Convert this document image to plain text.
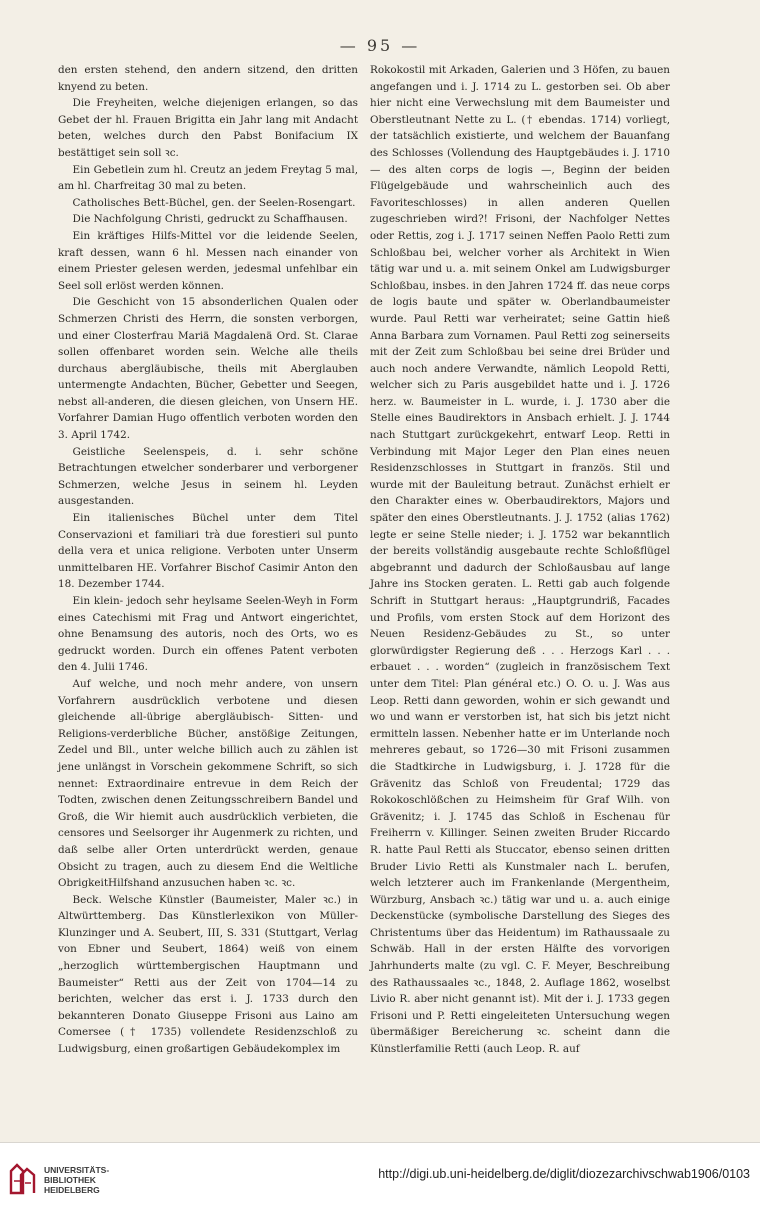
— 95 —

den ersten stehend, den andern sitzend, den dritten knyend zu beten.

Die Freyheiten, welche diejenigen erlangen, so das Gebet der hl. Frauen Brigitta ein Jahr lang mit Andacht beten, welches durch den Pabst Bonifacium IX bestättiget sein soll ꝛc.

Ein Gebetlein zum hl. Creutz an jedem Freytag 5 mal, am hl. Charfreitag 30 mal zu beten.

Catholisches Bett-Büchel, gen. der Seelen-Rosengart.

Die Nachfolgung Christi, gedruckt zu Schaffhausen.

Ein kräftiges Hilfs-Mittel vor die leidende Seelen, kraft dessen, wann 6 hl. Messen nach einander von einem Priester gelesen werden, jedesmal unfehlbar ein Seel soll erlöst werden können.

Die Geschicht von 15 absonderlichen Qualen oder Schmerzen Christi des Herrn, die sonsten verborgen, und einer Closterfrau Mariä Magdalenä Ord. St. Clarae sollen offenbaret worden sein. Welche alle theils durchaus abergläubische, theils mit Aberglauben untermengte Andachten, Bücher, Gebetter und Seegen, nebst all-anderen, die diesen gleichen, von Unsern HE. Vorfahrer Damian Hugo offentlich verboten worden den 3. April 1742.

Geistliche Seelenspeis, d. i. sehr schöne Betrachtungen etwelcher sonderbarer und verborgener Schmerzen, welche Jesus in seinem hl. Leyden ausgestanden.

Ein italienisches Büchel unter dem Titel Conservazioni et familiari trà due forestieri sul punto della vera et unica religione. Verboten unter Unserm unmittelbaren HE. Vorfahrer Bischof Casimir Anton den 18. Dezember 1744.

Ein klein- jedoch sehr heylsame Seelen-Weyh in Form eines Catechismi mit Frag und Antwort eingerichtet, ohne Benamsung des autoris, noch des Orts, wo es gedruckt worden. Durch ein offenes Patent verboten den 4. Julii 1746.

Auf welche, und noch mehr andere, von unsern Vorfahrern ausdrücklich verbotene und diesen gleichende all-übrige abergläubisch- Sitten- und Religions-verderbliche Bücher, anstößige Zeitungen, Zedel und Bll., unter welche billich auch zu zählen ist jene unlängst in Vorschein gekommene Schrift, so sich nennet: Extraordinaire entrevue in dem Reich der Todten, zwischen denen Zeitungsschreibern Bandel und Groß, die Wir hiemit auch ausdrücklich verbieten, die censores und Seelsorger ihr Augenmerk zu richten, und daß selbe aller Orten unterdrückt werden, genaue Obsicht zu tragen, auch zu diesem End die Weltliche ObrigkeitHilfshand anzusuchen haben ꝛc. ꝛc.

Beck. Welsche Künstler (Baumeister, Maler ꝛc.) in Altwürttemberg. Das Künstlerlexikon von Müller-Klunzinger und A. Seubert, III, S. 331 (Stuttgart, Verlag von Ebner und Seubert, 1864) weiß von einem „herzoglich württembergischen Hauptmann und Baumeister“ Retti aus der Zeit von 1704—14 zu berichten, welcher das erst i. J. 1733 durch den bekannteren Donato Giuseppe Frisoni aus Laino am Comersee († 1735) vollendete Residenzschloß zu Ludwigsburg, einen großartigen Gebäudekomplex im

Rokokostil mit Arkaden, Galerien und 3 Höfen, zu bauen angefangen und i. J. 1714 zu L. gestorben sei. Ob aber hier nicht eine Verwechslung mit dem Baumeister und Oberstleutnant Nette zu L. († ebendas. 1714) vorliegt, der tatsächlich existierte, und welchem der Bauanfang des Schlosses (Vollendung des Hauptgebäudes i. J. 1710 — des alten corps de logis —, Beginn der beiden Flügelgebäude und wahrscheinlich auch des Favoriteschlosses) in allen anderen Quellen zugeschrieben wird?! Frisoni, der Nachfolger Nettes oder Rettis, zog i. J. 1717 seinen Neffen Paolo Retti zum Schloßbau bei, welcher vorher als Architekt in Wien tätig war und u. a. mit seinem Onkel am Ludwigsburger Schloßbau, insbes. in den Jahren 1724 ff. das neue corps de logis baute und später w. Oberlandbaumeister wurde. Paul Retti war verheiratet; seine Gattin hieß Anna Barbara zum Vornamen. Paul Retti zog seinerseits mit der Zeit zum Schloßbau bei seine drei Brüder und auch noch andere Verwandte, nämlich Leopold Retti, welcher sich zu Paris ausgebildet hatte und i. J. 1726 herz. w. Baumeister in L. wurde, i. J. 1730 aber die Stelle eines Baudirektors in Ansbach erhielt. J. J. 1744 nach Stuttgart zurückgekehrt, entwarf Leop. Retti in Verbindung mit Major Leger den Plan eines neuen Residenzschlosses in Stuttgart in französ. Stil und wurde mit der Bauleitung betraut. Zunächst erhielt er den Charakter eines w. Oberbaudirektors, Majors und später den eines Oberstleutnants. J. J. 1752 (alias 1762) legte er seine Stelle nieder; i. J. 1752 war bekanntlich der bereits vollständig ausgebaute rechte Schloßflügel abgebrannt und dadurch der Schloßausbau auf lange Jahre ins Stocken geraten. L. Retti gab auch folgende Schrift in Stuttgart heraus: „Hauptgrundriß, Facades und Profils, vom ersten Stock auf dem Horizont des Neuen Residenz-Gebäudes zu St., so unter glorwürdigster Regierung deß . . . Herzogs Karl . . . erbauet . . . worden“ (zugleich in französischem Text unter dem Titel: Plan général etc.) O. O. u. J. Was aus Leop. Retti dann geworden, wohin er sich gewandt und wo und wann er verstorben ist, hat sich bis jetzt nicht ermitteln lassen. Nebenher hatte er im Unterlande noch mehreres gebaut, so 1726—30 mit Frisoni zusammen die Stadtkirche in Ludwigsburg, i. J. 1728 für die Grävenitz das Schloß von Freudental; 1729 das Rokokoschlößchen zu Heimsheim für Graf Wilh. von Grävenitz; i. J. 1745 das Schloß in Eschenau für Freiherrn v. Killinger. Seinen zweiten Bruder Riccardo R. hatte Paul Retti als Stuccator, ebenso seinen dritten Bruder Livio Retti als Kunstmaler nach L. berufen, welch letzterer auch im Frankenlande (Mergentheim, Würzburg, Ansbach ꝛc.) tätig war und u. a. auch einige Deckenstücke (symbolische Darstellung des Sieges des Christentums über das Heidentum) im Rathaussaale zu Schwäb. Hall in der ersten Hälfte des vorvorigen Jahrhunderts malte (zu vgl. C. F. Meyer, Beschreibung des Rathaussaales ꝛc., 1848, 2. Auflage 1862, woselbst Livio R. aber nicht genannt ist). Mit der i. J. 1733 gegen Frisoni und P. Retti eingeleiteten Untersuchung wegen übermäßiger Bereicherung ꝛc. scheint dann die Künstlerfamilie Retti (auch Leop. R. auf

UNIVERSITÄTS-
BIBLIOTHEK
HEIDELBERG
http://digi.ub.uni-heidelberg.de/diglit/diozezarchivschwab1906/0103
